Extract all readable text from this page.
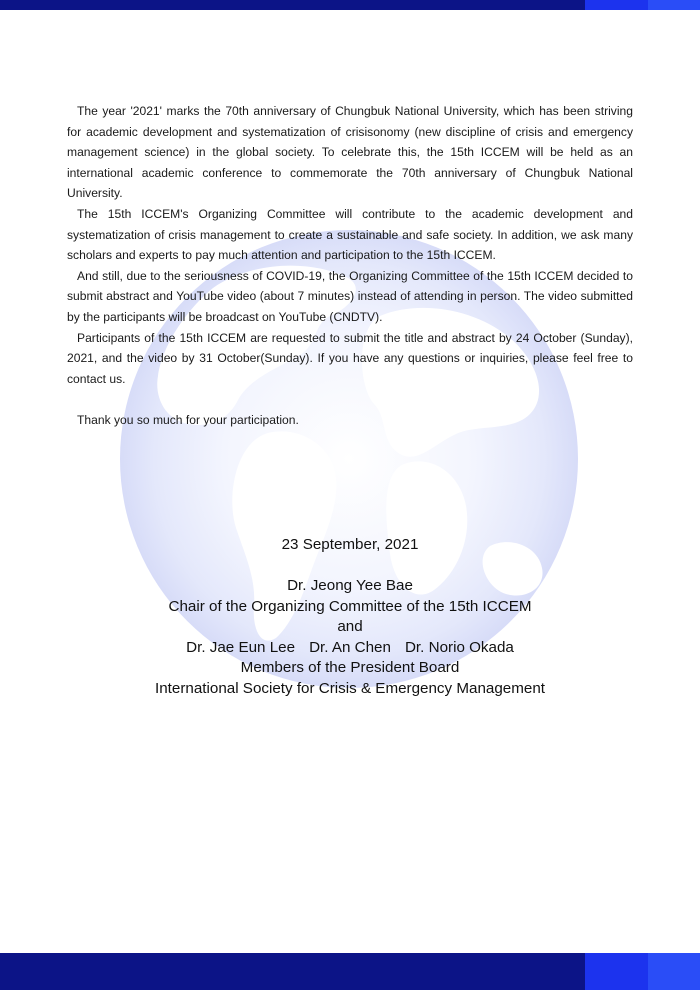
The year '2021' marks the 70th anniversary of Chungbuk National University, which has been striving for academic development and systematization of crisisonomy (new discipline of crisis and emergency management science) in the global society. To celebrate this, the 15th ICCEM will be held as an international academic conference to commemorate the 70th anniversary of Chungbuk National University.

The 15th ICCEM's Organizing Committee will contribute to the academic development and systematization of crisis management to create a sustainable and safe society. In addition, we ask many scholars and experts to pay much attention and participation to the 15th ICCEM.

And still, due to the seriousness of COVID-19, the Organizing Committee of the 15th ICCEM decided to submit abstract and YouTube video (about 7 minutes) instead of attending in person. The video submitted by the participants will be broadcast on YouTube (CNDTV).

Participants of the 15th ICCEM are requested to submit the title and abstract by 24 October (Sunday), 2021, and the video by 31 October(Sunday). If you have any questions or inquiries, please feel free to contact us.

Thank you so much for your participation.

23 September, 2021
Dr. Jeong Yee Bae
Chair of the Organizing Committee of the 15th ICCEM
and
Dr. Jae Eun Lee Dr. An Chen Dr. Norio Okada
Members of the President Board
International Society for Crisis & Emergency Management
